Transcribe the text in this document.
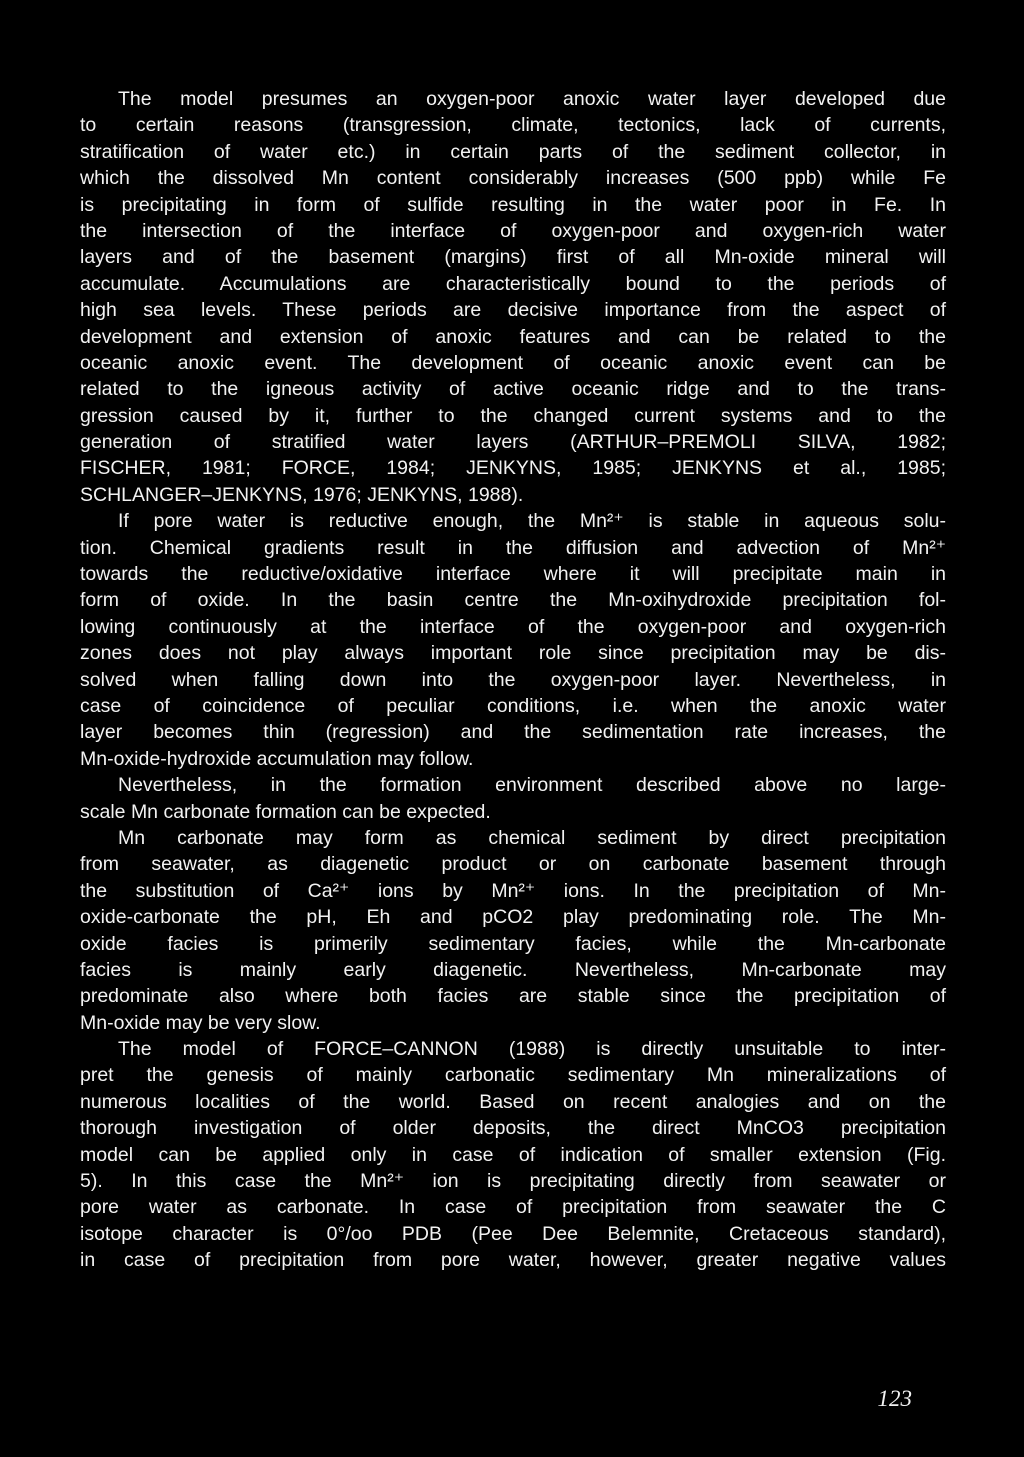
The model presumes an oxygen-poor anoxic water layer developed due
to certain reasons (transgression, climate, tectonics, lack of currents,
stratification of water etc.) in certain parts of the sediment collector, in
which the dissolved Mn content considerably increases (500 ppb) while Fe
is precipitating in form of sulfide resulting in the water poor in Fe. In
the intersection of the interface of oxygen-poor and oxygen-rich water
layers and of the basement (margins) first of all Mn-oxide mineral will
accumulate. Accumulations are characteristically bound to the periods of
high sea levels. These periods are decisive importance from the aspect of
development and extension of anoxic features and can be related to the
oceanic anoxic event. The development of oceanic anoxic event can be
related to the igneous activity of active oceanic ridge and to the trans-
gression caused by it, further to the changed current systems and to the
generation of stratified water layers (ARTHUR–PREMOLI SILVA, 1982;
FISCHER, 1981; FORCE, 1984; JENKYNS, 1985; JENKYNS et al., 1985;
SCHLANGER–JENKYNS, 1976; JENKYNS, 1988).
If pore water is reductive enough, the Mn²⁺ is stable in aqueous solu-
tion. Chemical gradients result in the diffusion and advection of Mn²⁺
towards the reductive/oxidative interface where it will precipitate main in
form of oxide. In the basin centre the Mn-oxihydroxide precipitation fol-
lowing continuously at the interface of the oxygen-poor and oxygen-rich
zones does not play always important role since precipitation may be dis-
solved when falling down into the oxygen-poor layer. Nevertheless, in
case of coincidence of peculiar conditions, i.e. when the anoxic water
layer becomes thin (regression) and the sedimentation rate increases, the
Mn-oxide-hydroxide accumulation may follow.
Nevertheless, in the formation environment described above no large-
scale Mn carbonate formation can be expected.
Mn carbonate may form as chemical sediment by direct precipitation
from seawater, as diagenetic product or on carbonate basement through
the substitution of Ca²⁺ ions by Mn²⁺ ions. In the precipitation of Mn-
oxide-carbonate the pH, Eh and pCO2 play predominating role. The Mn-
oxide facies is primerily sedimentary facies, while the Mn-carbonate
facies is mainly early diagenetic. Nevertheless, Mn-carbonate may
predominate also where both facies are stable since the precipitation of
Mn-oxide may be very slow.
The model of FORCE–CANNON (1988) is directly unsuitable to inter-
pret the genesis of mainly carbonatic sedimentary Mn mineralizations of
numerous localities of the world. Based on recent analogies and on the
thorough investigation of older deposits, the direct MnCO3 precipitation
model can be applied only in case of indication of smaller extension (Fig.
5). In this case the Mn²⁺ ion is precipitating directly from seawater or
pore water as carbonate. In case of precipitation from seawater the C
isotope character is 0°/oo PDB (Pee Dee Belemnite, Cretaceous standard),
in case of precipitation from pore water, however, greater negative values
123
